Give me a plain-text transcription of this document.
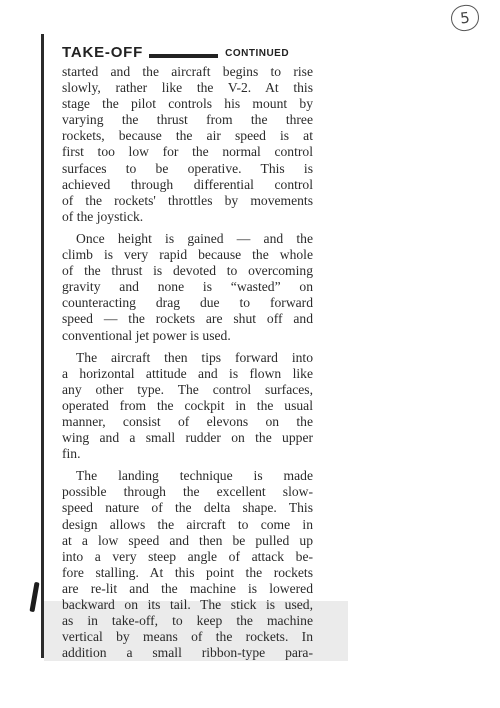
5
TAKE-OFF	CONTINUED

started and the aircraft begins to rise
slowly, rather like the V-2. At this
stage the pilot controls his mount by
varying the thrust from the three
rockets, because the air speed is at
first too low for the normal control
surfaces to be operative. This is
achieved through differential control
of the rockets' throttles by movements
of the joystick.

Once height is gained — and the
climb is very rapid because the whole
of the thrust is devoted to overcoming
gravity and none is “wasted” on
counteracting drag due to forward
speed — the rockets are shut off and
conventional jet power is used.

The aircraft then tips forward into
a horizontal attitude and is flown like
any other type. The control surfaces,
operated from the cockpit in the usual
manner, consist of elevons on the
wing and a small rudder on the upper
fin.

The landing technique is made
possible through the excellent slow-
speed nature of the delta shape. This
design allows the aircraft to come in
at a low speed and then be pulled up
into a very steep angle of attack be-
fore stalling. At this point the rockets
are re-lit and the machine is lowered
backward on its tail. The stick is used,
as in take-off, to keep the machine
vertical by means of the rockets. In
addition a small ribbon-type para-
